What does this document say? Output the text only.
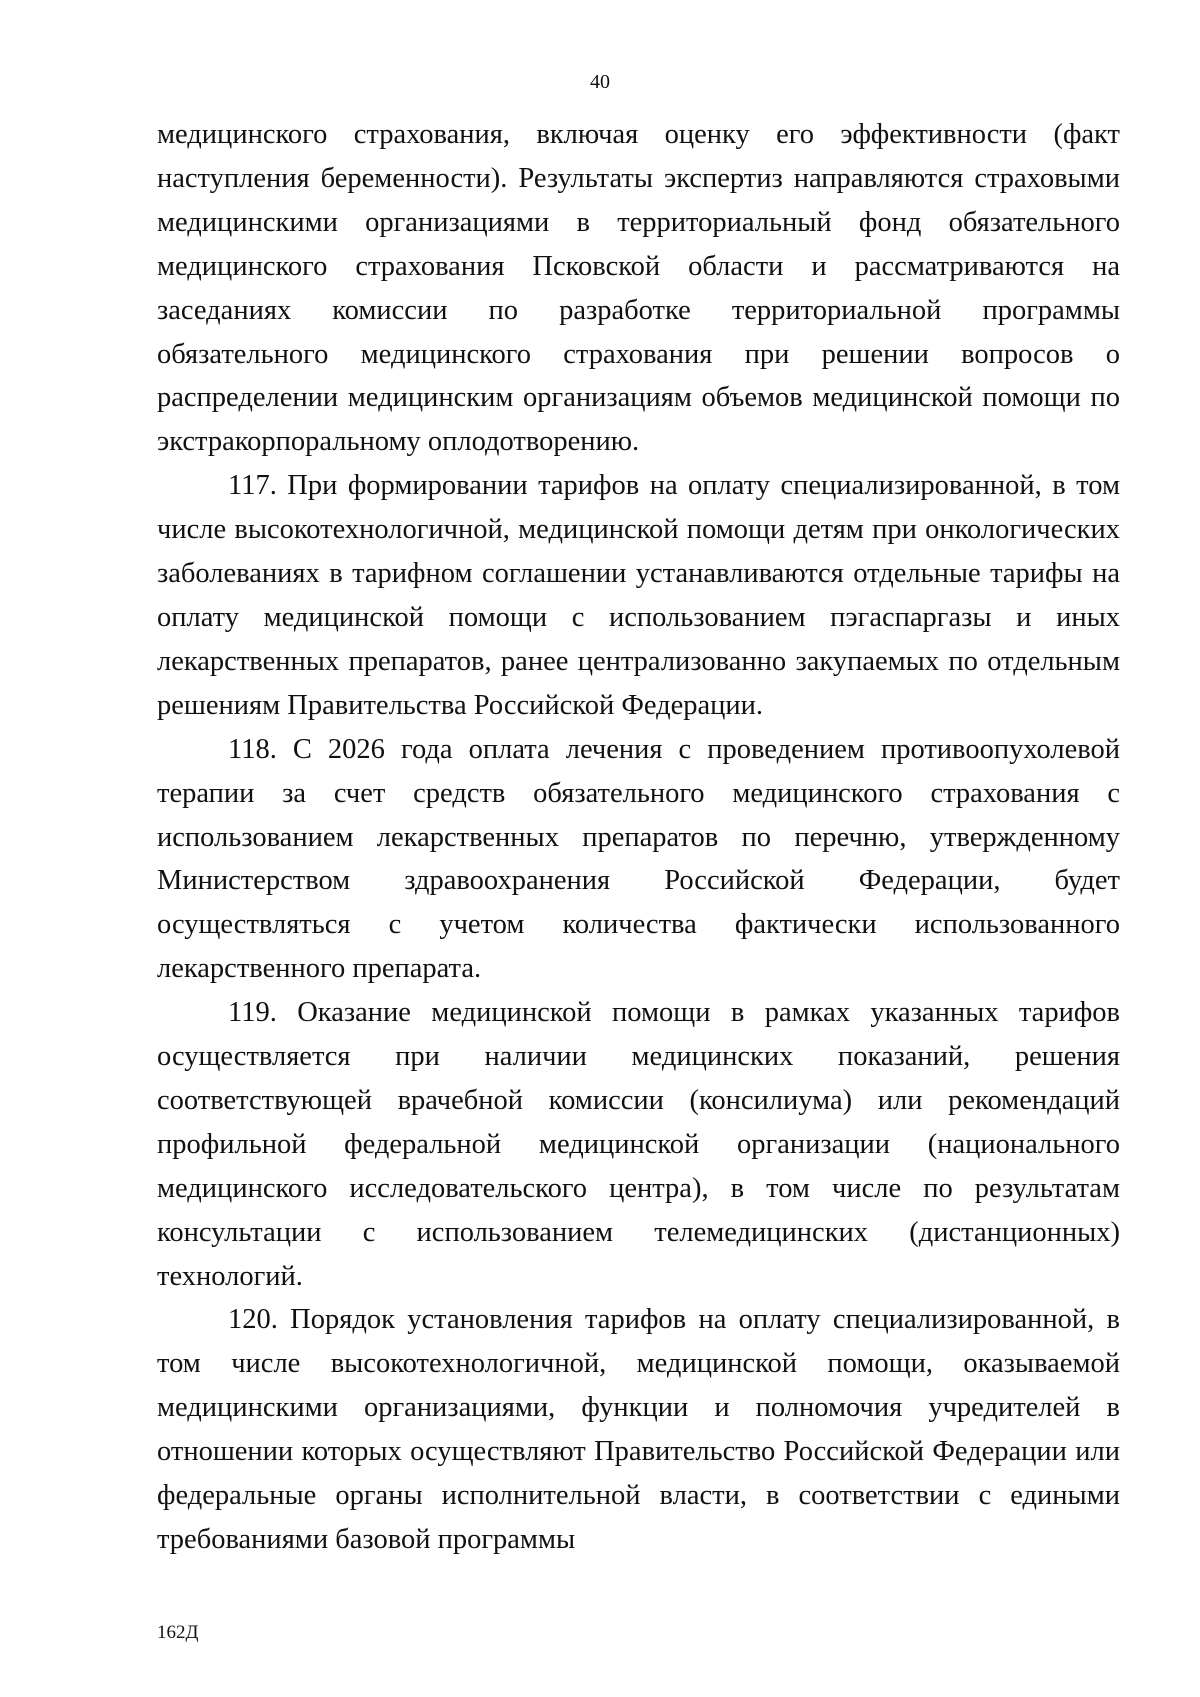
40

медицинского страхования, включая оценку его эффективности (факт наступления беременности). Результаты экспертиз направляются страховыми медицинскими организациями в территориальный фонд обязательного медицинского страхования Псковской области и рассматриваются на заседаниях комиссии по разработке территориальной программы обязательного медицинского страхования при решении вопросов о распределении медицинским организациям объемов медицинской помощи по экстракорпоральному оплодотворению.

117. При формировании тарифов на оплату специализированной, в том числе высокотехнологичной, медицинской помощи детям при онкологических заболеваниях в тарифном соглашении устанавливаются отдельные тарифы на оплату медицинской помощи с использованием пэгаспаргазы и иных лекарственных препаратов, ранее централизованно закупаемых по отдельным решениям Правительства Российской Федерации.

118. С 2026 года оплата лечения с проведением противоопухолевой терапии за счет средств обязательного медицинского страхования с использованием лекарственных препаратов по перечню, утвержденному Министерством здравоохранения Российской Федерации, будет осуществляться с учетом количества фактически использованного лекарственного препарата.

119. Оказание медицинской помощи в рамках указанных тарифов осуществляется при наличии медицинских показаний, решения соответствующей врачебной комиссии (консилиума) или рекомендаций профильной федеральной медицинской организации (национального медицинского исследовательского центра), в том числе по результатам консультации с использованием телемедицинских (дистанционных) технологий.

120. Порядок установления тарифов на оплату специализированной, в том числе высокотехнологичной, медицинской помощи, оказываемой медицинскими организациями, функции и полномочия учредителей в отношении которых осуществляют Правительство Российской Федерации или федеральные органы исполнительной власти, в соответствии с едиными требованиями базовой программы

162Д
